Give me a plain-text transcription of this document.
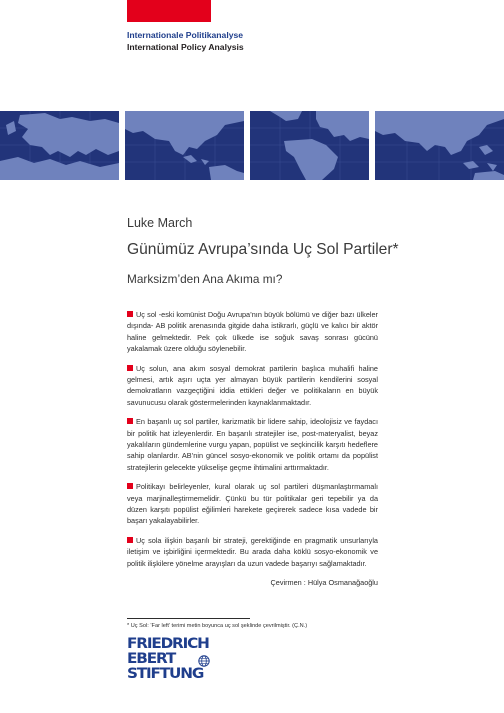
Internationale Politikanalyse
International Policy Analysis
Luke March
Günümüz Avrupa’sında Uç Sol Partiler*
Marksizm’den Ana Akıma mı?

Uç sol -eski komünist Doğu Avrupa’nın büyük bölümü ve diğer bazı ülkeler dışında- AB politik arenasında gitgide daha istikrarlı, güçlü ve kalıcı bir aktör haline gelmektedir. Pek çok ülkede ise soğuk savaş sonrası gücünü yakalamak üzere olduğu söylenebilir.

Uç solun, ana akım sosyal demokrat partilerin başlıca muhalifi haline gelmesi, artık aşırı uçta yer almayan büyük partilerin kendilerini sosyal demokratların vazgeçtiğini iddia ettikleri değer ve politikaların en büyük savunucusu olarak göstermelerinden kaynaklanmaktadır.

En başarılı uç sol partiler, karizmatik bir lidere sahip, ideolojisiz ve faydacı bir politik hat izleyenlerdir. En başarılı stratejiler ise, post-materyalist, beyaz yakalıların gündemlerine vurgu yapan, popülist ve seçkincilik karşıtı hedeflere sahip olanlardır. AB’nin güncel sosyo-ekonomik ve politik ortamı da popülist stratejilerin gelecekte yükselişe geçme ihtimalini arttırmaktadır.

Politikayı belirleyenler, kural olarak uç sol partileri düşmanlaştırmamalı veya marjinalleştirmemelidir. Çünkü bu tür politikalar geri tepebilir ya da düzen karşıtı popülist eğilimleri harekete geçirerek sadece kısa vadede bir başarı yakalayabilirler.

Uç sola ilişkin başarılı bir strateji, gerektiğinde en pragmatik unsurlarıyla iletişim ve işbirliğini içermektedir. Bu arada daha köklü sosyo-ekonomik ve politik ilişkilere yönelme arayışları da uzun vadede başarıyı sağlamaktadır.

Çevirmen : Hülya Osmanağaoğlu

* Uç Sol: ‘Far left’ terimi metin boyunca uç sol şeklinde çevrilmiştir. (Ç.N.)
FRIEDRICH
EBERT
STIFTUNG
